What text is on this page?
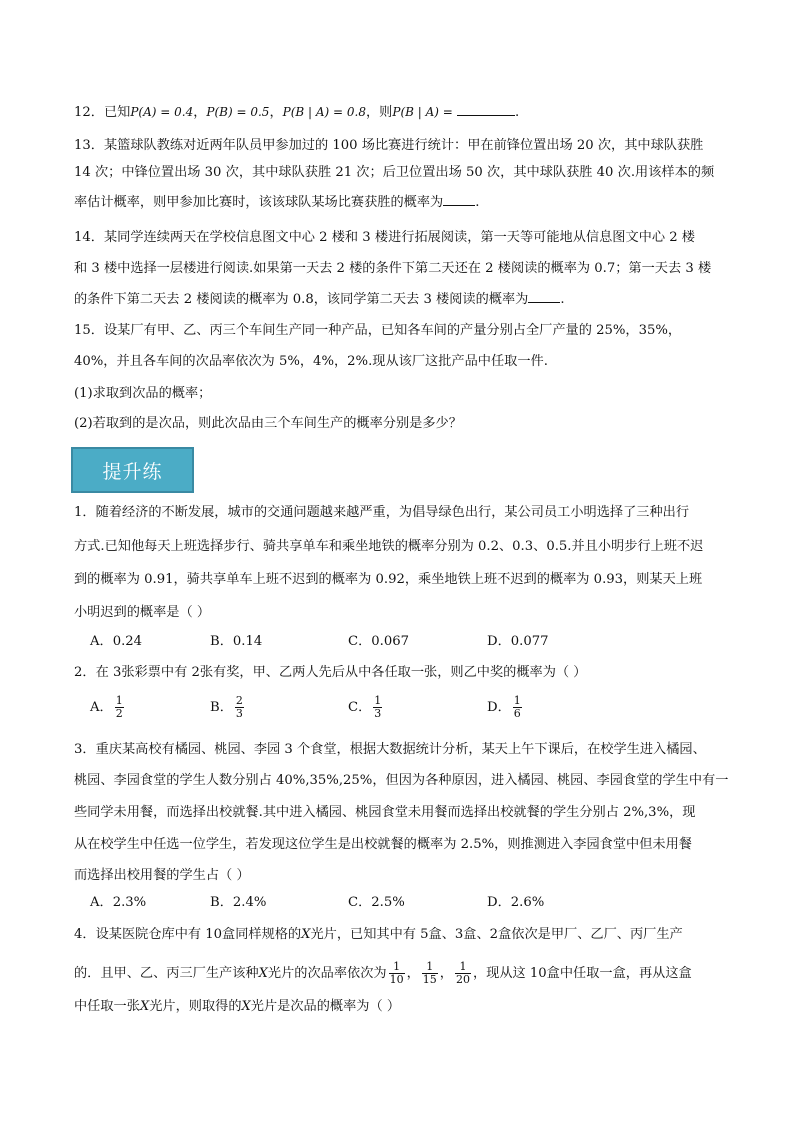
12．已知P(A) = 0.4，P(B) = 0.5，P(B | A) = 0.8，则P(B | A) =	.
13．某篮球队教练对近两年队员甲参加过的 100 场比赛进行统计：甲在前锋位置出场 20 次，其中球队获胜
14 次；中锋位置出场 30 次，其中球队获胜 21 次；后卫位置出场 50 次，其中球队获胜 40 次.用该样本的频
率估计概率，则甲参加比赛时，该该球队某场比赛获胜的概率为 .
14．某同学连续两天在学校信息图文中心 2 楼和 3 楼进行拓展阅读，第一天等可能地从信息图文中心 2 楼
和 3 楼中选择一层楼进行阅读.如果第一天去 2 楼的条件下第二天还在 2 楼阅读的概率为 0.7；第一天去 3 楼
的条件下第二天去 2 楼阅读的概率为 0.8，该同学第二天去 3 楼阅读的概率为 .
15．设某厂有甲、乙、丙三个车间生产同一种产品，已知各车间的产量分别占全厂产量的 25%，35%，
40%，并且各车间的次品率依次为 5%，4%，2%.现从该厂这批产品中任取一件.
(1)求取到次品的概率；
(2)若取到的是次品，则此次品由三个车间生产的概率分别是多少？
提升练
1．随着经济的不断发展，城市的交通问题越来越严重，为倡导绿色出行，某公司员工小明选择了三种出行
方式.已知他每天上班选择步行、骑共享单车和乘坐地铁的概率分别为 0.2、0.3、0.5.并且小明步行上班不迟
到的概率为 0.91，骑共享单车上班不迟到的概率为 0.92，乘坐地铁上班不迟到的概率为 0.93，则某天上班
小明迟到的概率是（ ）
A．0.24	B．0.14	C．0.067	D．0.077
2．在 3张彩票中有 2张有奖，甲、乙两人先后从中各任取一张，则乙中奖的概率为（ ）
A． $\frac{1}{2}$	B． $\frac{2}{3}$	C． $\frac{1}{3}$	D． $\frac{1}{6}$
3．重庆某高校有橘园、桃园、李园 3 个食堂，根据大数据统计分析，某天上午下课后，在校学生进入橘园、
桃园、李园食堂的学生人数分别占 40%,35%,25%，但因为各种原因，进入橘园、桃园、李园食堂的学生中有一
些同学未用餐，而选择出校就餐.其中进入橘园、桃园食堂未用餐而选择出校就餐的学生分别占 2%,3%，现
从在校学生中任选一位学生，若发现这位学生是出校就餐的概率为 2.5%，则推测进入李园食堂中但未用餐
而选择出校用餐的学生占（ ）
A．2.3%	B．2.4%	C．2.5%	D．2.6%
4．设某医院仓库中有 10盒同样规格的X光片，已知其中有 5盒、3盒、2盒依次是甲厂、乙厂、丙厂生产
的．且甲、乙、丙三厂生产该种X光片的次品率依次为 $\frac{1}{10}$ ， $\frac{1}{15}$ ， $\frac{1}{20}$ ，现从这 10盒中任取一盒，再从这盒
中任取一张X光片，则取得的X光片是次品的概率为（ ）
